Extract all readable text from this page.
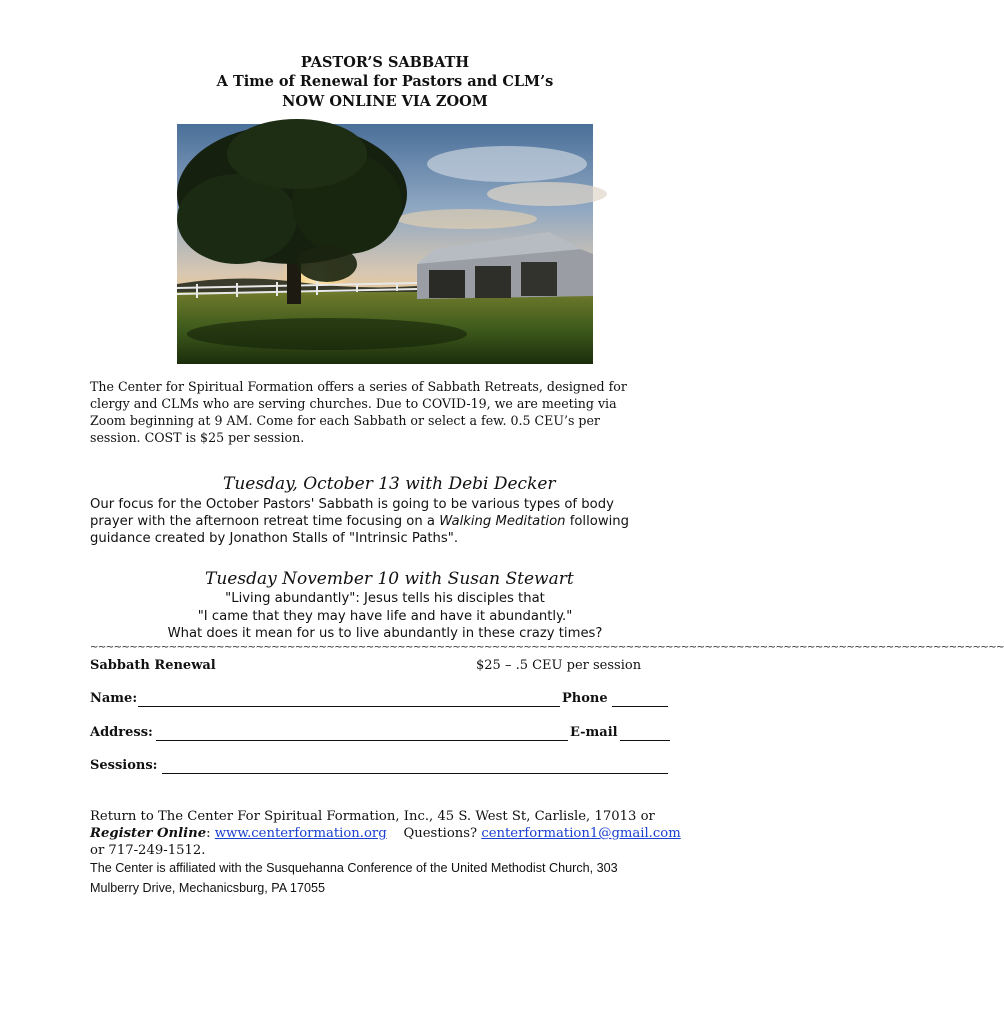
PASTOR’S SABBATH
A Time of Renewal for Pastors and CLM’s
NOW ONLINE VIA ZOOM

The Center for Spiritual Formation offers a series of Sabbath Retreats, designed for

clergy and CLMs who are serving churches. Due to COVID-19, we are meeting via

Zoom beginning at 9 AM. Come for each Sabbath or select a few. 0.5 CEU’s per

session. COST is $25 per session.

Tuesday, October 13 with Debi Decker
Our focus for the October Pastors' Sabbath is going to be various types of body
prayer with the afternoon retreat time focusing on a Walking Meditation following
guidance created by Jonathon Stalls of "Intrinsic Paths".
Tuesday November 10 with Susan Stewart
"Living abundantly": Jesus tells his disciples that
"I came that they may have life and have it abundantly."
What does it mean for us to live abundantly in these crazy times?
~~~~~~~~~~~~~~~~~~~~~~~~~~~~~~~~~~~~~~~~~~~~~~~~~~~~~~~~~~~~~~~~~~~~~~~~~~~~~~~~~~~~~~~~~~~~~~~~~~~~~~~~~~~~~~~~~~~~
Sabbath Renewal	$25 – .5 CEU per session
Name:	Phone
Address:	E-mail
Sessions:
Return to The Center For Spiritual Formation, Inc., 45 S. West St, Carlisle, 17013 or
Register Online: www.centerformation.org Questions? centerformation1@gmail.com
or 717-249-1512.
The Center is affiliated with the Susquehanna Conference of the United Methodist Church, 303
Mulberry Drive, Mechanicsburg, PA 17055
